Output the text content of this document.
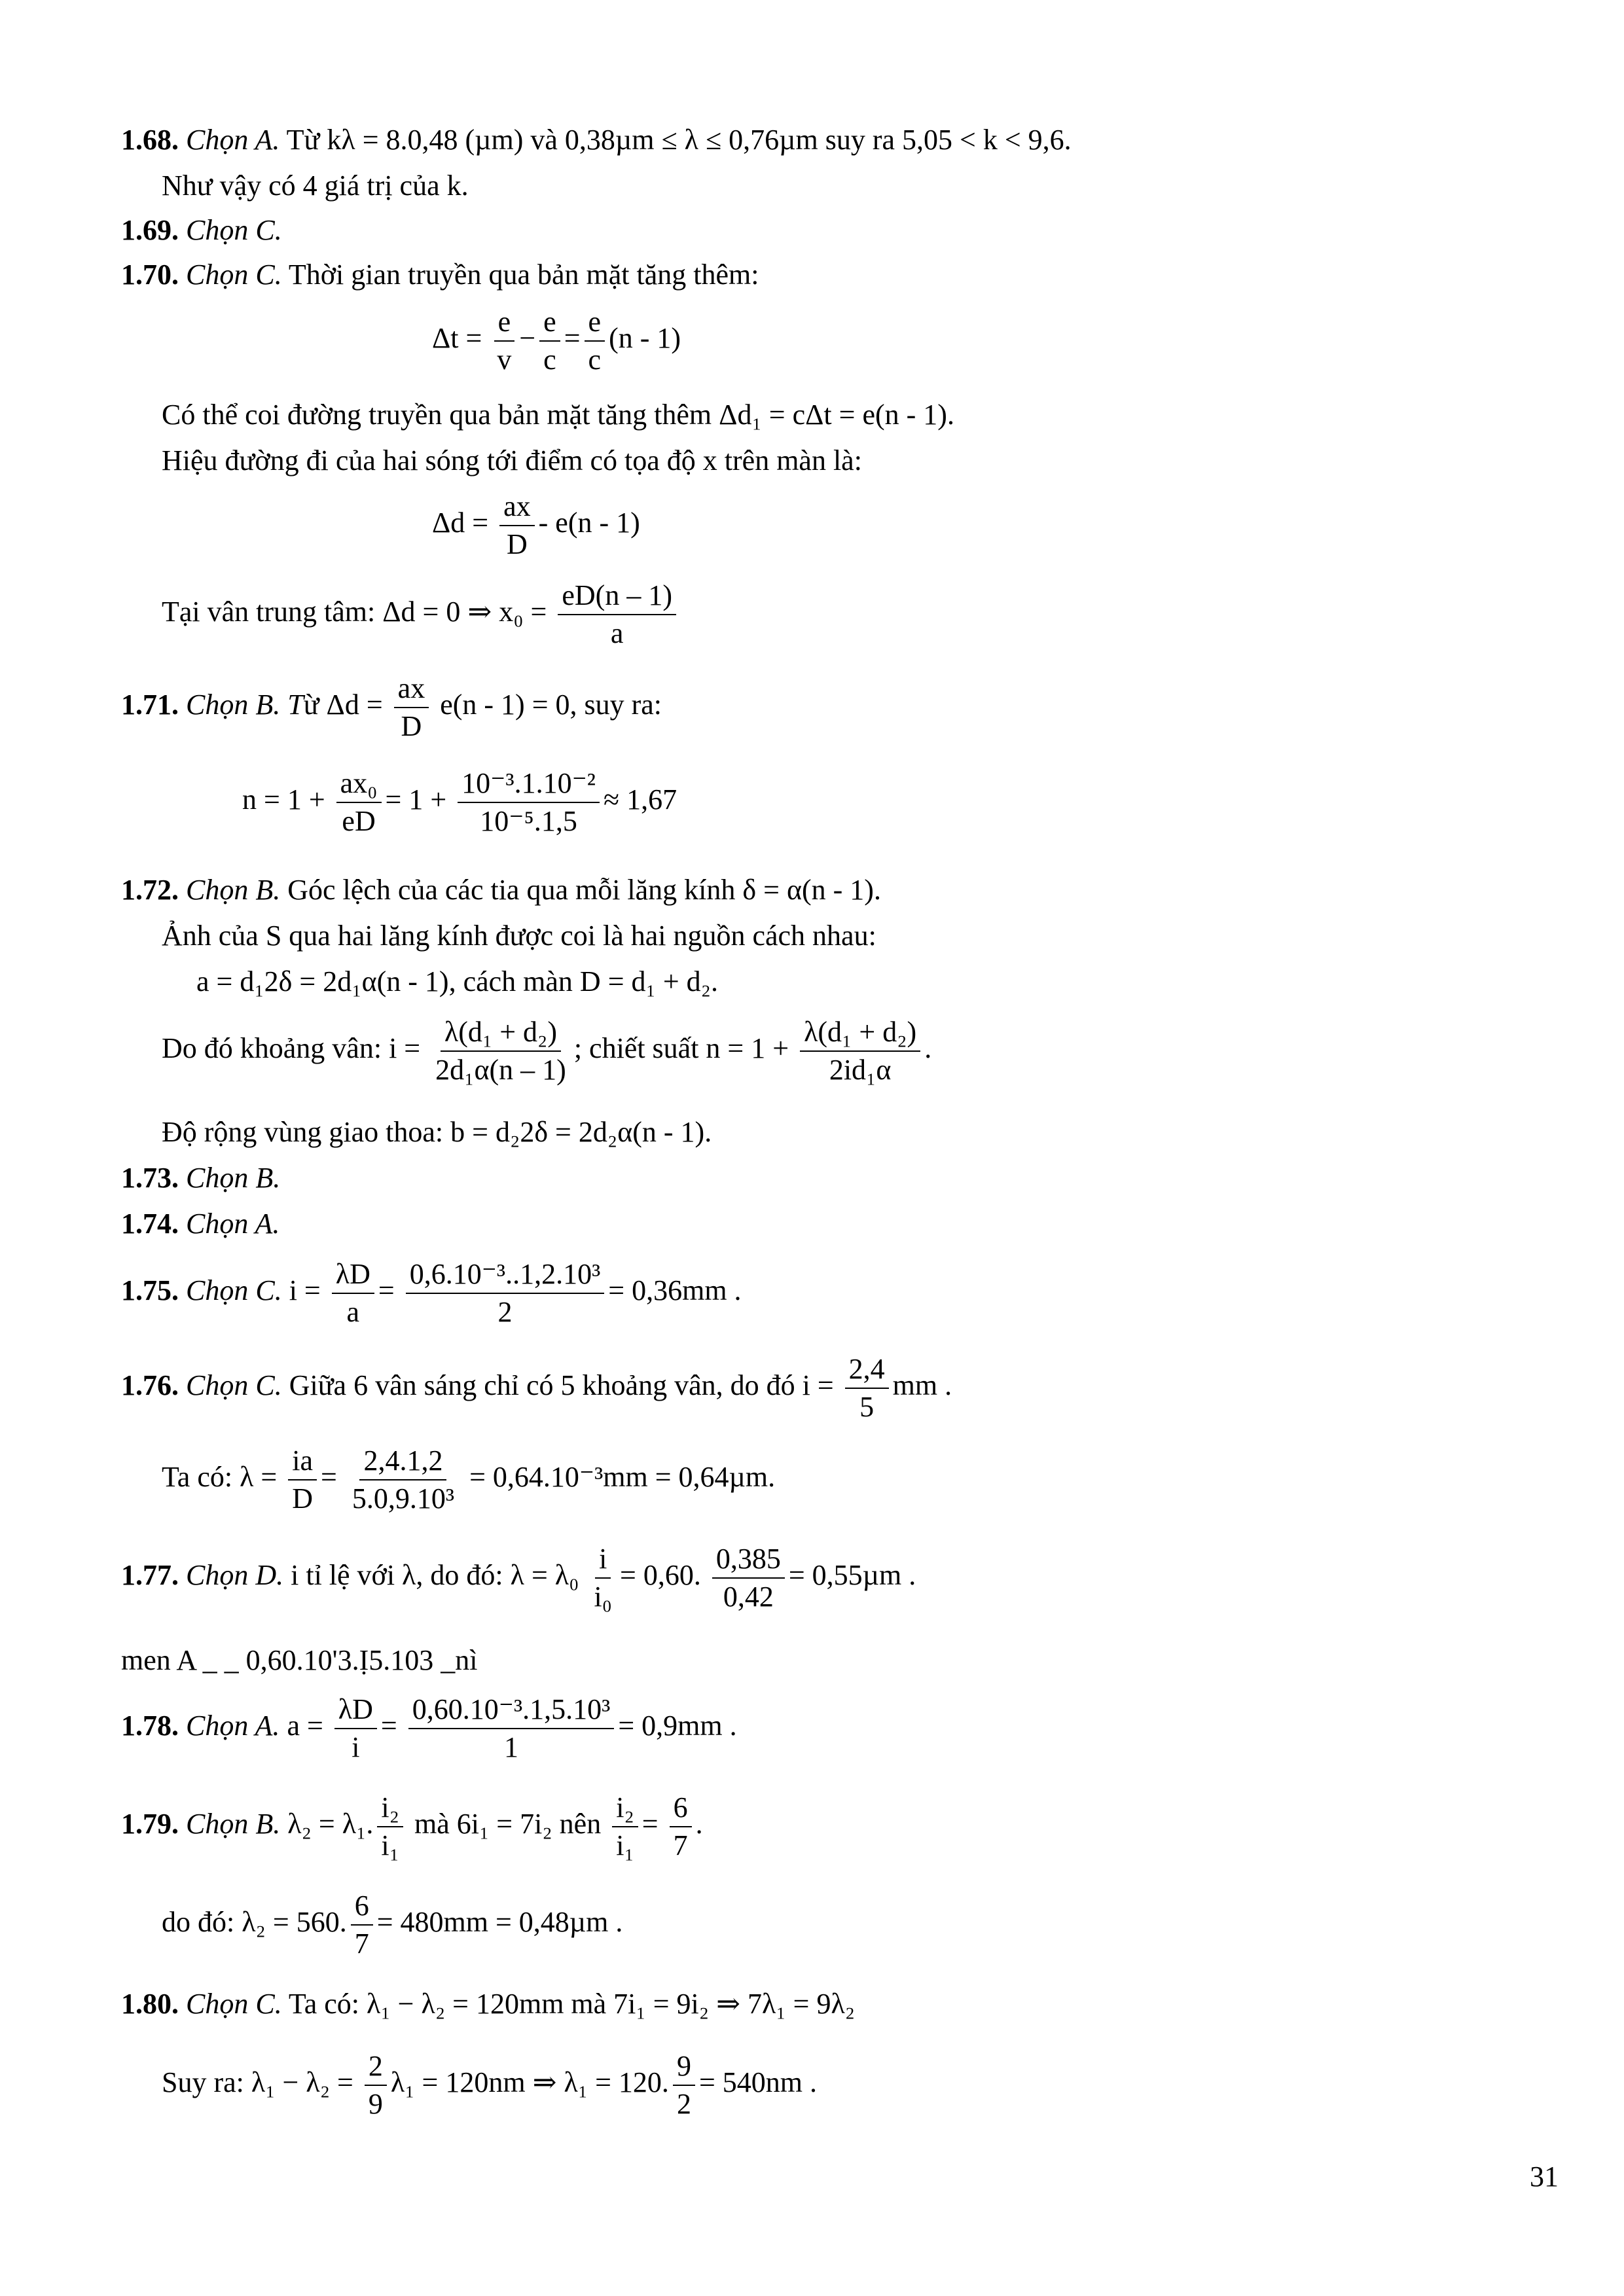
1.68. Chọn A. Từ kλ = 8.0,48 (µm) và 0,38µm ≤ λ ≤ 0,76µm suy ra 5,05 < k < 9,6.
Như vậy có 4 giá trị của k.
1.69. Chọn C.
1.70. Chọn C. Thời gian truyền qua bản mặt tăng thêm:
$\Delta t = \frac{e}{v} - \frac{e}{c} = \frac{e}{c} (n - 1)$
Có thể coi đường truyền qua bản mặt tăng thêm Δd₁ = cΔt = e(n - 1).
Hiệu đường đi của hai sóng tới điểm có tọa độ x trên màn là:
$\Delta d = \frac{ax}{D} - e(n - 1)$
Tại vân trung tâm: Δd = 0 ⇒ $x_0 = \frac{eD(n - 1)}{a}$
1.71. Chọn B. Từ $\Delta d = \frac{ax}{D} e(n - 1) = 0$, suy ra:
$n = 1 + \frac{\text{ax₀}}{eD} = 1 + \frac{\text{10⁻³.1.10⁻²}}{\text{10⁻⁵.1,5}} \approx 1,67$
1.72. Chọn B. Góc lệch của các tia qua mỗi lăng kính δ = α(n - 1).
Ảnh của S qua hai lăng kính được coi là hai nguồn cách nhau:
a = d₁2δ = 2d₁α(n - 1), cách màn D = d₁ + d₂.
Do đó khoảng vân: $i = \frac{\text{λ(d₁ + d₂)}}{\text{2d₁α(n – 1)}}$ ; chiết suất $n = 1 + \frac{\text{λ(d₁ + d₂)}}{\text{2id₁α}}$ .
Độ rộng vùng giao thoa: b = d₂2δ = 2d₂α(n - 1).
1.73. Chọn B.
1.74. Chọn A.
1.75. Chọn C. $i = \frac{\lambda D}{a} = \frac{\text{0,6.10⁻³..1,2.10³}}{2} = 0,36mm$ .
1.76. Chọn C. Giữa 6 vân sáng chỉ có 5 khoảng vân, do đó $i = \frac{2,4}{5}$ mm .
Ta có: $\lambda = \frac{ia}{D} = \frac{2,4.1,2}{\text{5.0,9.10³}} = 0,64.10^{-3}mm = 0,64\mu m$.
1.77. Chọn D. i tỉ lệ với λ, do đó: $\lambda = \lambda_0 \frac{i}{\text{i₀}} = 0,60$. $\frac{0,385}{0,42} = 0,55\mu m$ .
men A _ _ 0,60.10'3.Ị5.103 _nì
1.78. Chọn A. $a = \frac{\lambda D}{i} = \frac{\text{0,60.10⁻³.1,5.10³}}{1} = 0,9mm$ .
1.79. Chọn B. λ₂ = λ₁. $\frac{\text{i₂}}{\text{i₁}}$ mà 6i₁ = 7i₂ nên $\frac{\text{i₂}}{\text{i₁}} = \frac{6}{7}$ .
do đó: λ₂ = 560. $\frac{6}{7} = 480mm = 0,48\mu m$ .
1.80. Chọn C. Ta có: λ₁ − λ₂ = 120mm mà 7i₁ = 9i₂ ⇒ 7λ₁ = 9λ₂
Suy ra: $\lambda_1 - \lambda_2 = \frac{2}{9} \lambda_1 = 120nm$ ⇒ λ₁ = 120. $\frac{9}{2} = 540nm$ .
31
